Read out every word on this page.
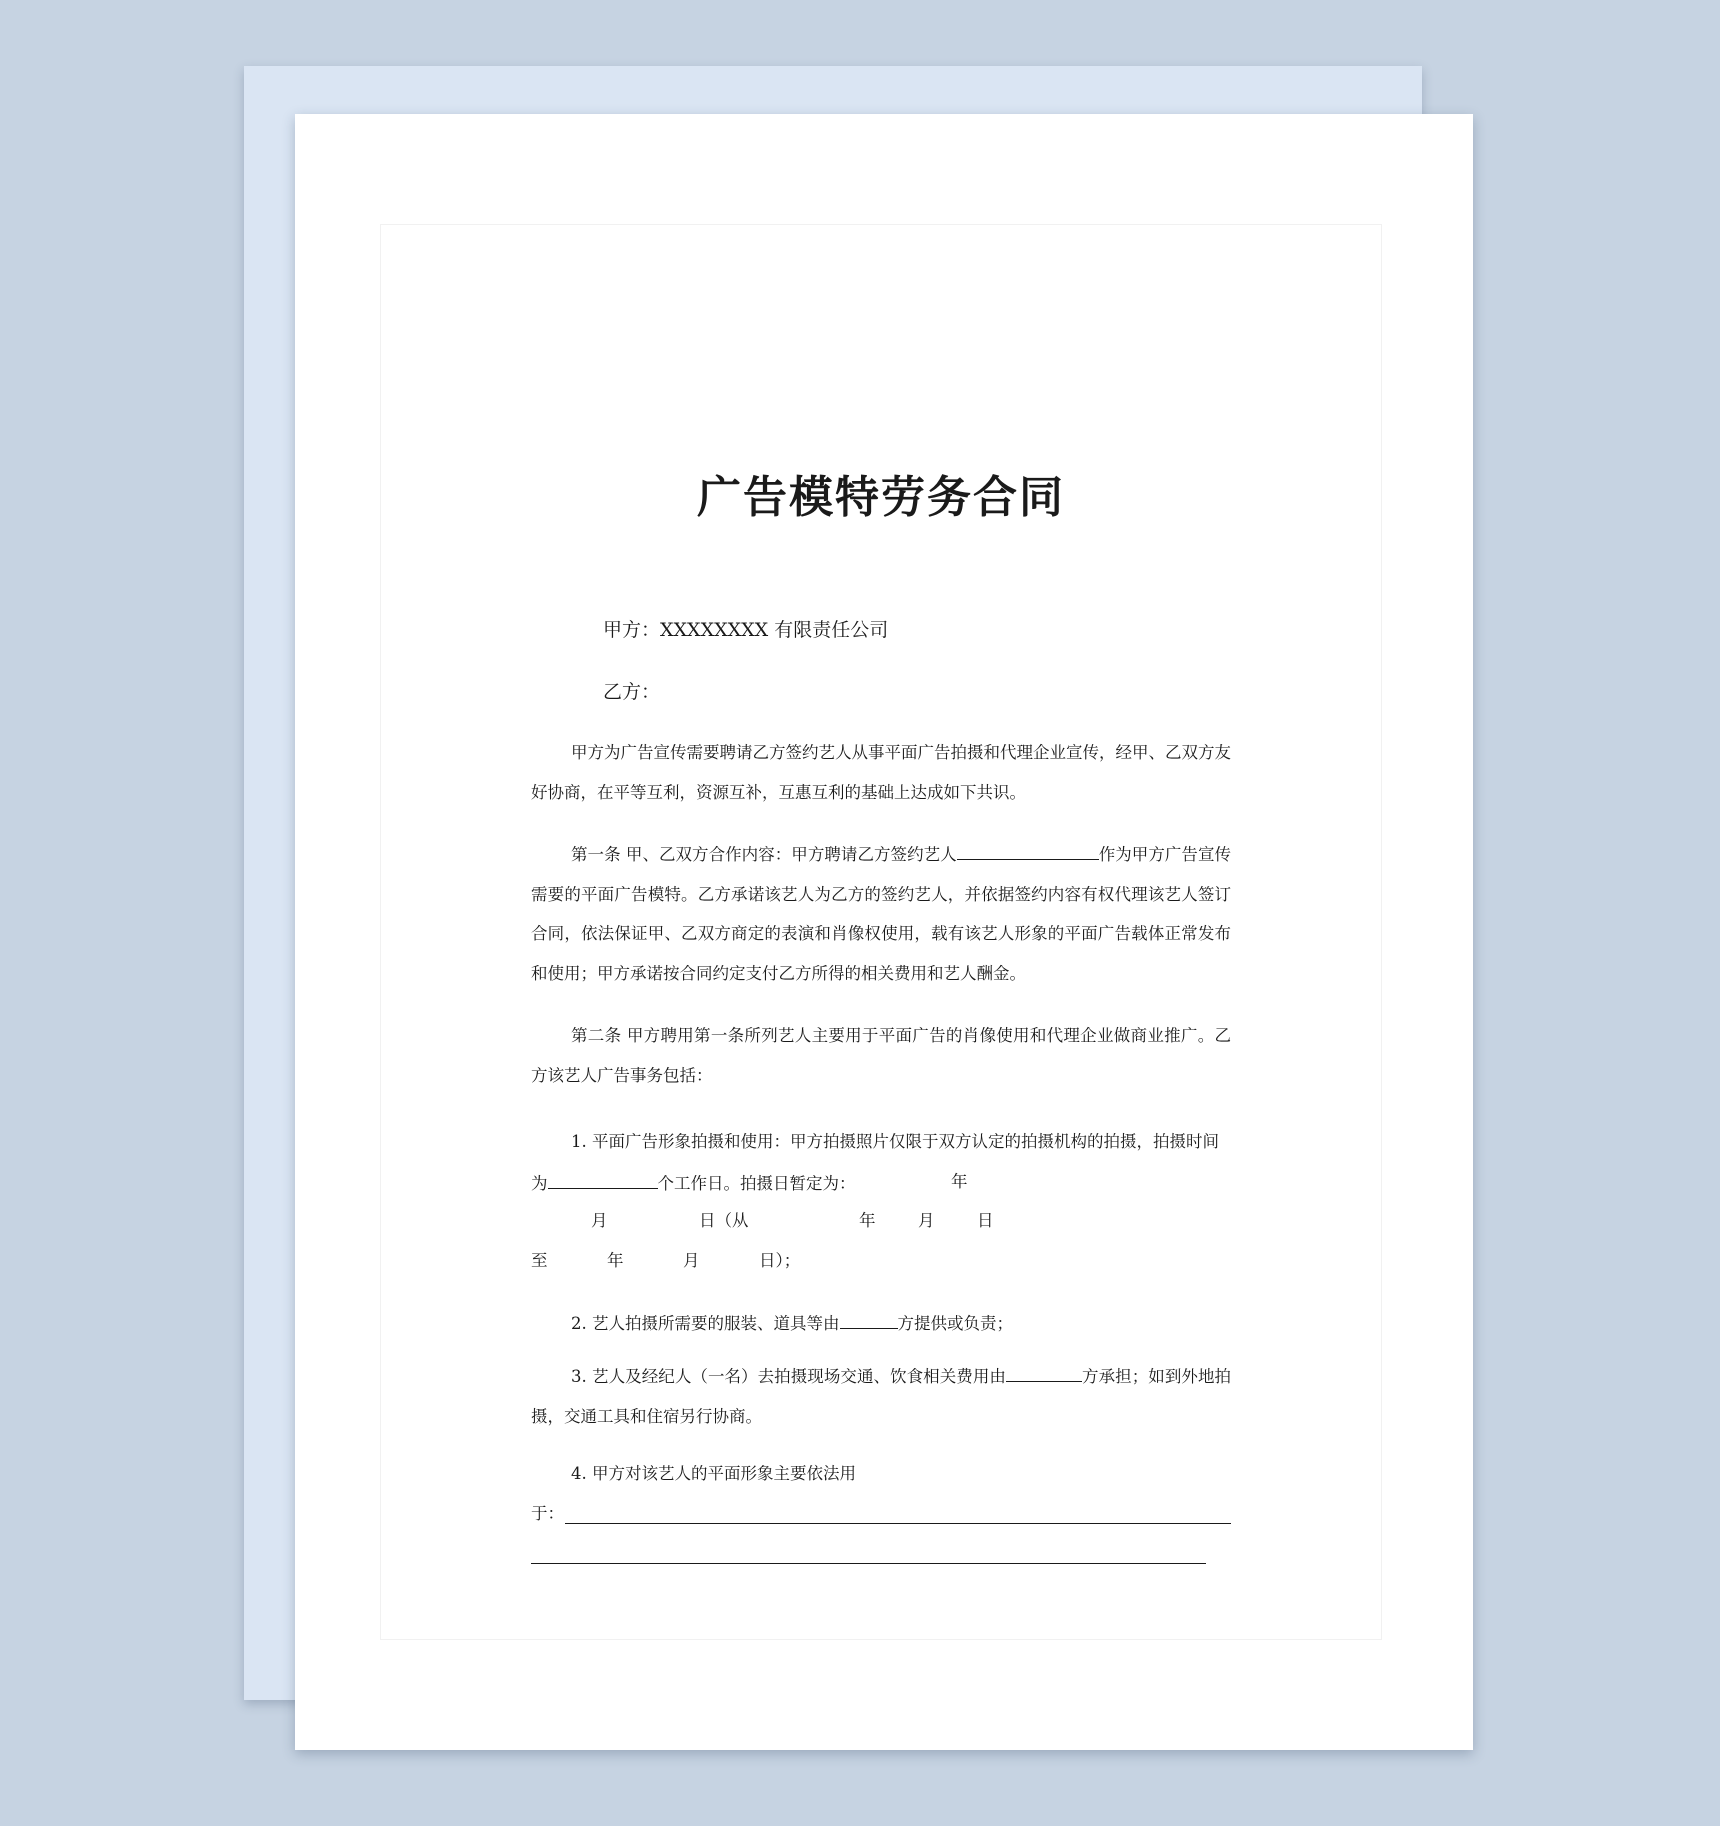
广告模特劳务合同
甲方：XXXXXXXX 有限责任公司
乙方：

甲方为广告宣传需要聘请乙方签约艺人从事平面广告拍摄和代理企业宣传，经甲、乙双方友好协商，在平等互利，资源互补，互惠互利的基础上达成如下共识。

第一条 甲、乙双方合作内容：甲方聘请乙方签约艺人	作为甲方广告宣传需要的平面广告模特。乙方承诺该艺人为乙方的签约艺人，并依据签约内容有权代理该艺人签订合同，依法保证甲、乙双方商定的表演和肖像权使用，载有该艺人形象的平面广告载体正常发布和使用；甲方承诺按合同约定支付乙方所得的相关费用和艺人酬金。

第二条 甲方聘用第一条所列艺人主要用于平面广告的肖像使用和代理企业做商业推广。乙方该艺人广告事务包括：

1. 平面广告形象拍摄和使用：甲方拍摄照片仅限于双方认定的拍摄机构的拍摄，拍摄时间
为	个工作日。拍摄日暂定为：	年
月	日（从	年	月	日
至	年	月	日）；
2. 艺人拍摄所需要的服装、道具等由	方提供或负责；

3. 艺人及经纪人（一名）去拍摄现场交通、饮食相关费用由	方承担；如到外地拍摄，交通工具和住宿另行协商。

4. 甲方对该艺人的平面形象主要依法用
于：
